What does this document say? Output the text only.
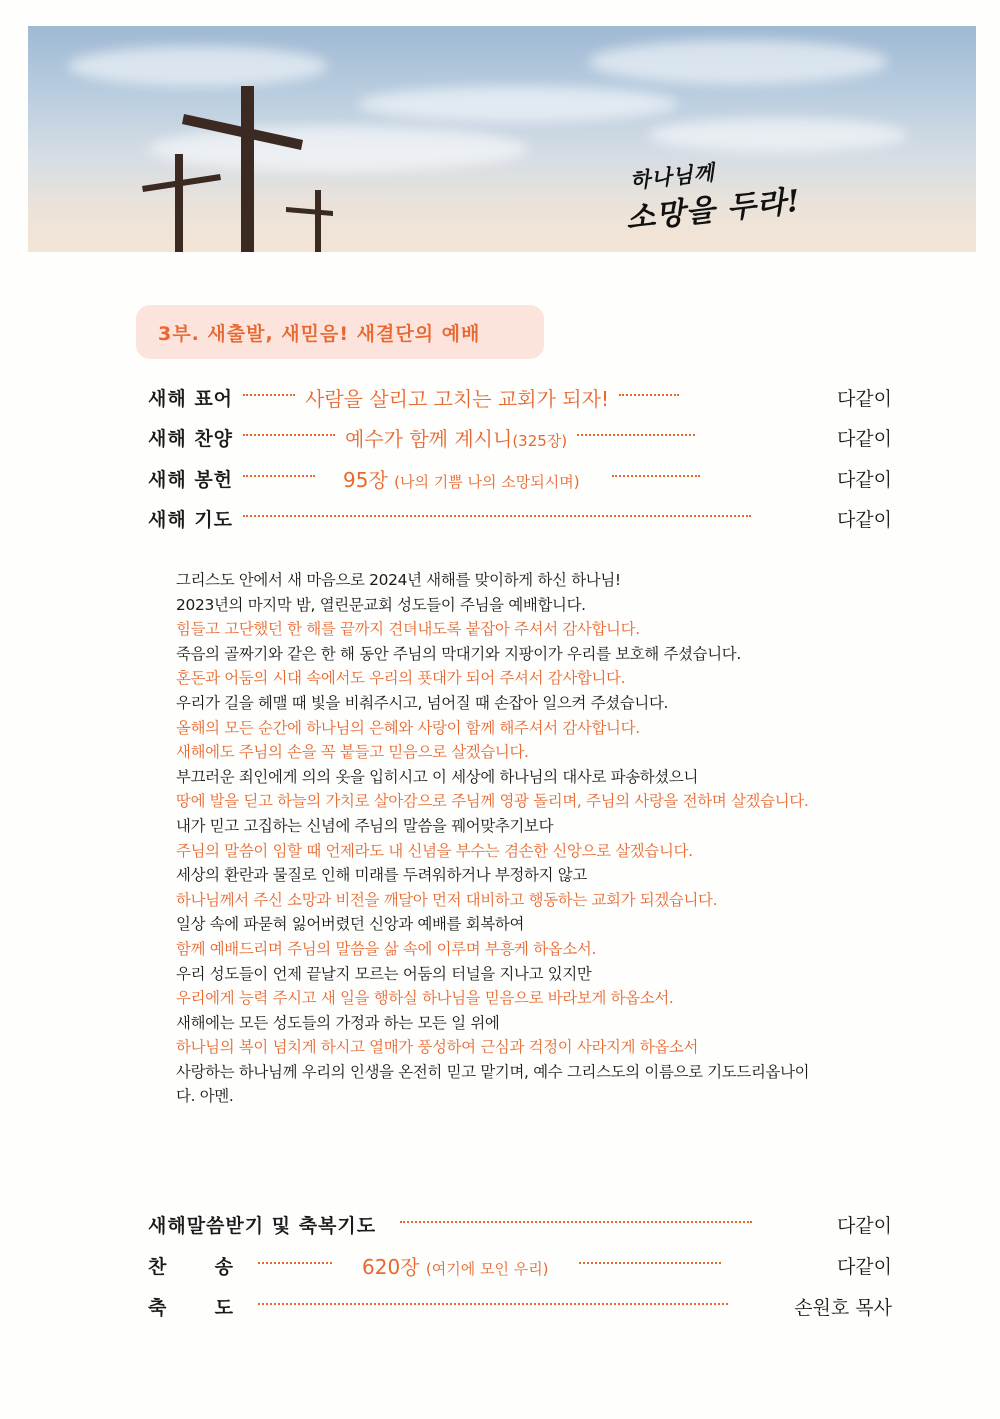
하나님께
소망을 두라!
3부. 새출발, 새믿음! 새결단의 예배
새해 표어	사람을 살리고 고치는 교회가 되자!	다같이
새해 찬양	예수가 함께 계시니(325장)	다같이
새해 봉헌	95장 (나의 기쁨 나의 소망되시며)	다같이
새해 기도	다같이
그리스도 안에서 새 마음으로 2024년 새해를 맞이하게 하신 하나님!
2023년의 마지막 밤, 열린문교회 성도들이 주님을 예배합니다.
힘들고 고단했던 한 해를 끝까지 견뎌내도록 붙잡아 주셔서 감사합니다.
죽음의 골짜기와 같은 한 해 동안 주님의 막대기와 지팡이가 우리를 보호해 주셨습니다.
혼돈과 어둠의 시대 속에서도 우리의 푯대가 되어 주셔서 감사합니다.
우리가 길을 헤맬 때 빛을 비춰주시고, 넘어질 때 손잡아 일으켜 주셨습니다.
올해의 모든 순간에 하나님의 은혜와 사랑이 함께 해주셔서 감사합니다.
새해에도 주님의 손을 꼭 붙들고 믿음으로 살겠습니다.
부끄러운 죄인에게 의의 옷을 입히시고 이 세상에 하나님의 대사로 파송하셨으니
땅에 발을 딛고 하늘의 가치로 살아감으로 주님께 영광 돌리며, 주님의 사랑을 전하며 살겠습니다.
내가 믿고 고집하는 신념에 주님의 말씀을 꿰어맞추기보다
주님의 말씀이 임할 때 언제라도 내 신념을 부수는 겸손한 신앙으로 살겠습니다.
세상의 환란과 물질로 인해 미래를 두려워하거나 부정하지 않고
하나님께서 주신 소망과 비전을 깨달아 먼저 대비하고 행동하는 교회가 되겠습니다.
일상 속에 파묻혀 잃어버렸던 신앙과 예배를 회복하여
함께 예배드리며 주님의 말씀을 삶 속에 이루며 부흥케 하옵소서.
우리 성도들이 언제 끝날지 모르는 어둠의 터널을 지나고 있지만
우리에게 능력 주시고 새 일을 행하실 하나님을 믿음으로 바라보게 하옵소서.
새해에는 모든 성도들의 가정과 하는 모든 일 위에
하나님의 복이 넘치게 하시고 열매가 풍성하여 근심과 걱정이 사라지게 하옵소서
사랑하는 하나님께 우리의 인생을 온전히 믿고 맡기며, 예수 그리스도의 이름으로 기도드리옵나이
다. 아멘.
새해말씀받기 및 축복기도	다같이
찬 송	620장 (여기에 모인 우리)	다같이
축 도	손원호 목사
